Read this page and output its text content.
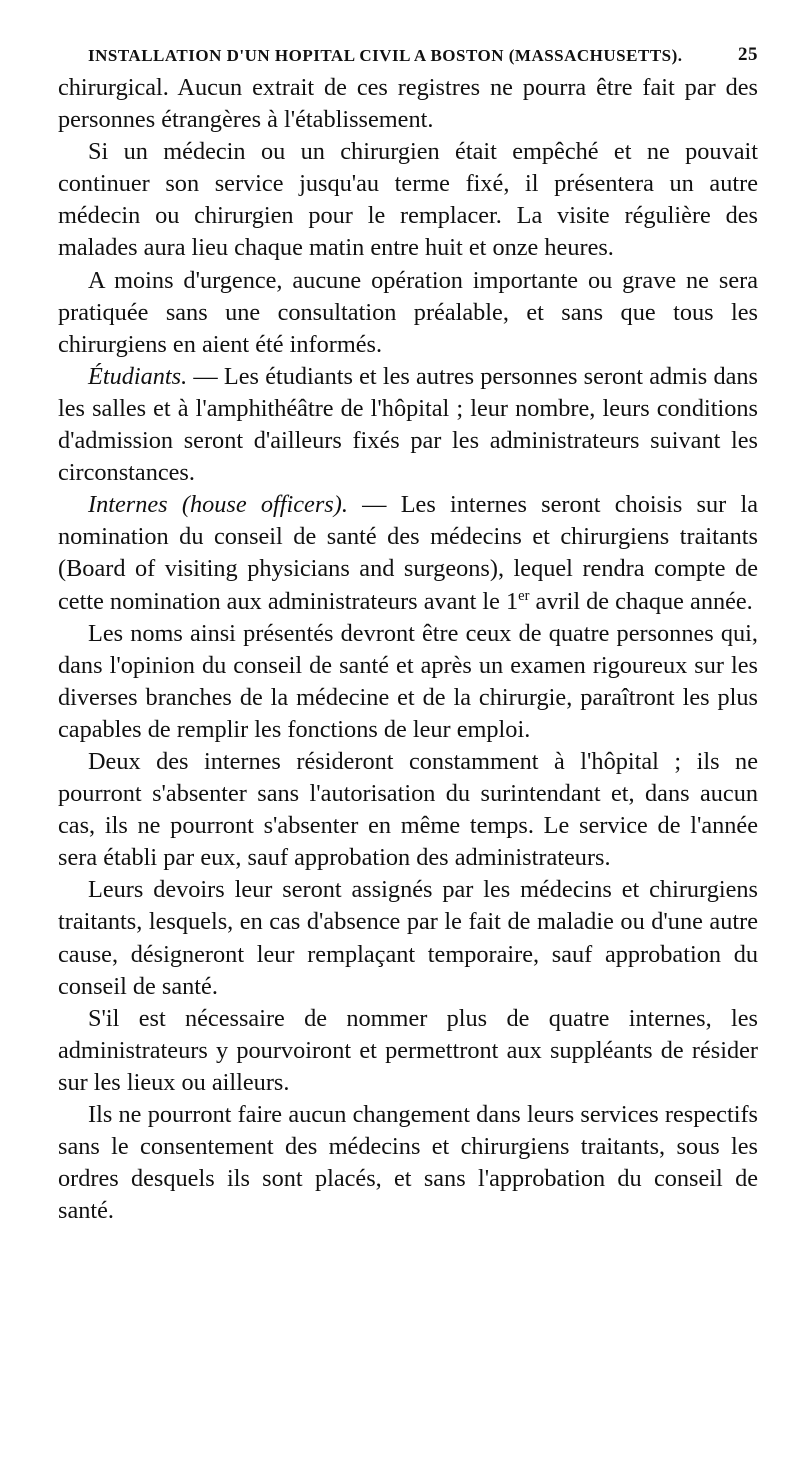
INSTALLATION D'UN HOPITAL CIVIL A BOSTON (MASSACHUSETTS).	25

chirurgical. Aucun extrait de ces registres ne pourra être fait par des personnes étrangères à l'établissement.

Si un médecin ou un chirurgien était empêché et ne pouvait continuer son service jusqu'au terme fixé, il présentera un autre médecin ou chirurgien pour le remplacer. La visite régulière des malades aura lieu chaque matin entre huit et onze heures.

A moins d'urgence, aucune opération importante ou grave ne sera pratiquée sans une consultation préalable, et sans que tous les chirurgiens en aient été informés.

Étudiants. — Les étudiants et les autres personnes seront admis dans les salles et à l'amphithéâtre de l'hôpital ; leur nombre, leurs conditions d'admission seront d'ailleurs fixés par les administrateurs suivant les circonstances.

Internes (house officers). — Les internes seront choisis sur la nomination du conseil de santé des médecins et chirurgiens traitants (Board of visiting physicians and surgeons), lequel rendra compte de cette nomination aux administrateurs avant le 1er avril de chaque année.

Les noms ainsi présentés devront être ceux de quatre personnes qui, dans l'opinion du conseil de santé et après un examen rigoureux sur les diverses branches de la médecine et de la chirurgie, paraîtront les plus capables de remplir les fonctions de leur emploi.

Deux des internes résideront constamment à l'hôpital ; ils ne pourront s'absenter sans l'autorisation du surintendant et, dans aucun cas, ils ne pourront s'absenter en même temps. Le service de l'année sera établi par eux, sauf approbation des administrateurs.

Leurs devoirs leur seront assignés par les médecins et chirurgiens traitants, lesquels, en cas d'absence par le fait de maladie ou d'une autre cause, désigneront leur remplaçant temporaire, sauf approbation du conseil de santé.

S'il est nécessaire de nommer plus de quatre internes, les administrateurs y pourvoiront et permettront aux suppléants de résider sur les lieux ou ailleurs.

Ils ne pourront faire aucun changement dans leurs services respectifs sans le consentement des médecins et chirurgiens traitants, sous les ordres desquels ils sont placés, et sans l'approbation du conseil de santé.
